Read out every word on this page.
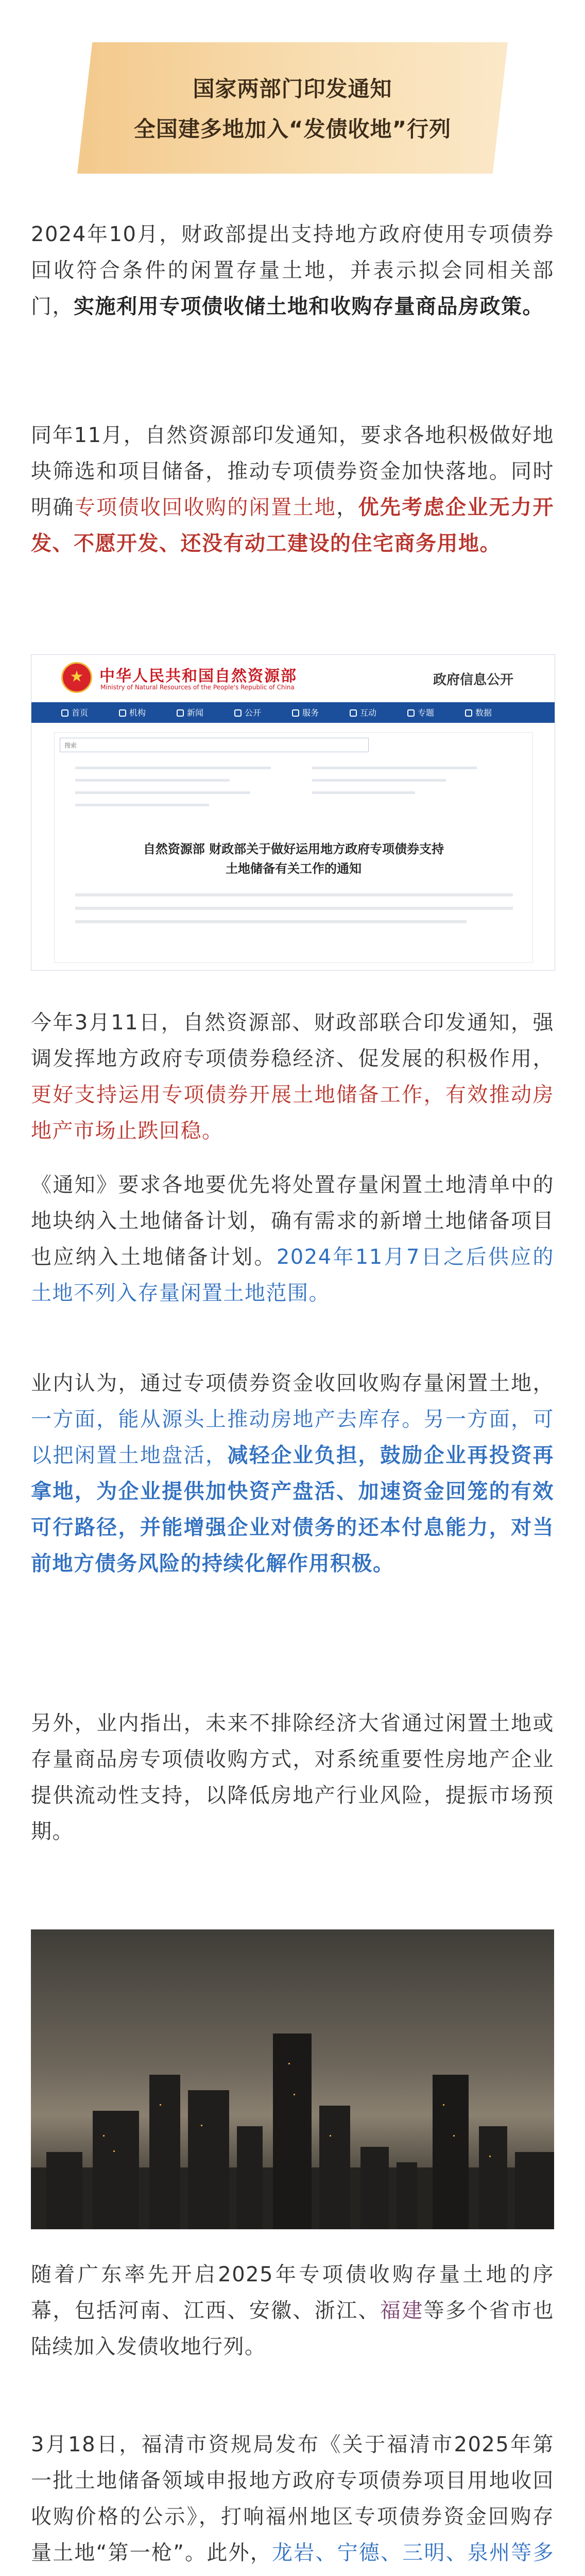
国家两部门印发通知
全国建多地加入“发债收地”行列

2024年10月，财政部提出支持地方政府使用专项债券回收符合条件的闲置存量土地，并表示拟会同相关部门，实施利用专项债收储土地和收购存量商品房政策。

同年11月，自然资源部印发通知，要求各地积极做好地块筛选和项目储备，推动专项债券资金加快落地。同时明确专项债收回收购的闲置土地，优先考虑企业无力开发、不愿开发、还没有动工建设的住宅商务用地。

★	中华人民共和国自然资源部
Ministry of Natural Resources of the People's Republic of China	政府信息公开
首页	机构	新闻	公开	服务	互动	专题	数据
搜索
自然资源部 财政部关于做好运用地方政府专项债券支持
土地储备有关工作的通知

今年3月11日，自然资源部、财政部联合印发通知，强调发挥地方政府专项债券稳经济、促发展的积极作用，更好支持运用专项债券开展土地储备工作，有效推动房地产市场止跌回稳。

《通知》要求各地要优先将处置存量闲置土地清单中的地块纳入土地储备计划，确有需求的新增土地储备项目也应纳入土地储备计划。2024年11月7日之后供应的土地不列入存量闲置土地范围。

业内认为，通过专项债券资金收回收购存量闲置土地，一方面，能从源头上推动房地产去库存。另一方面，可以把闲置土地盘活，减轻企业负担，鼓励企业再投资再拿地，为企业提供加快资产盘活、加速资金回笼的有效可行路径，并能增强企业对债务的还本付息能力，对当前地方债务风险的持续化解作用积极。

另外，业内指出，未来不排除经济大省通过闲置土地或存量商品房专项债收购方式，对系统重要性房地产企业提供流动性支持，以降低房地产行业风险，提振市场预期。

随着广东率先开启2025年专项债收购存量土地的序幕，包括河南、江西、安徽、浙江、福建等多个省市也陆续加入发债收地行列。

3月18日，福清市资规局发布《关于福清市2025年第一批土地储备领域申报地方政府专项债券项目用地收回收购价格的公示》，打响福州地区专项债券资金回购存量土地“第一枪”。此外，龙岩、宁德、三明、泉州等多
